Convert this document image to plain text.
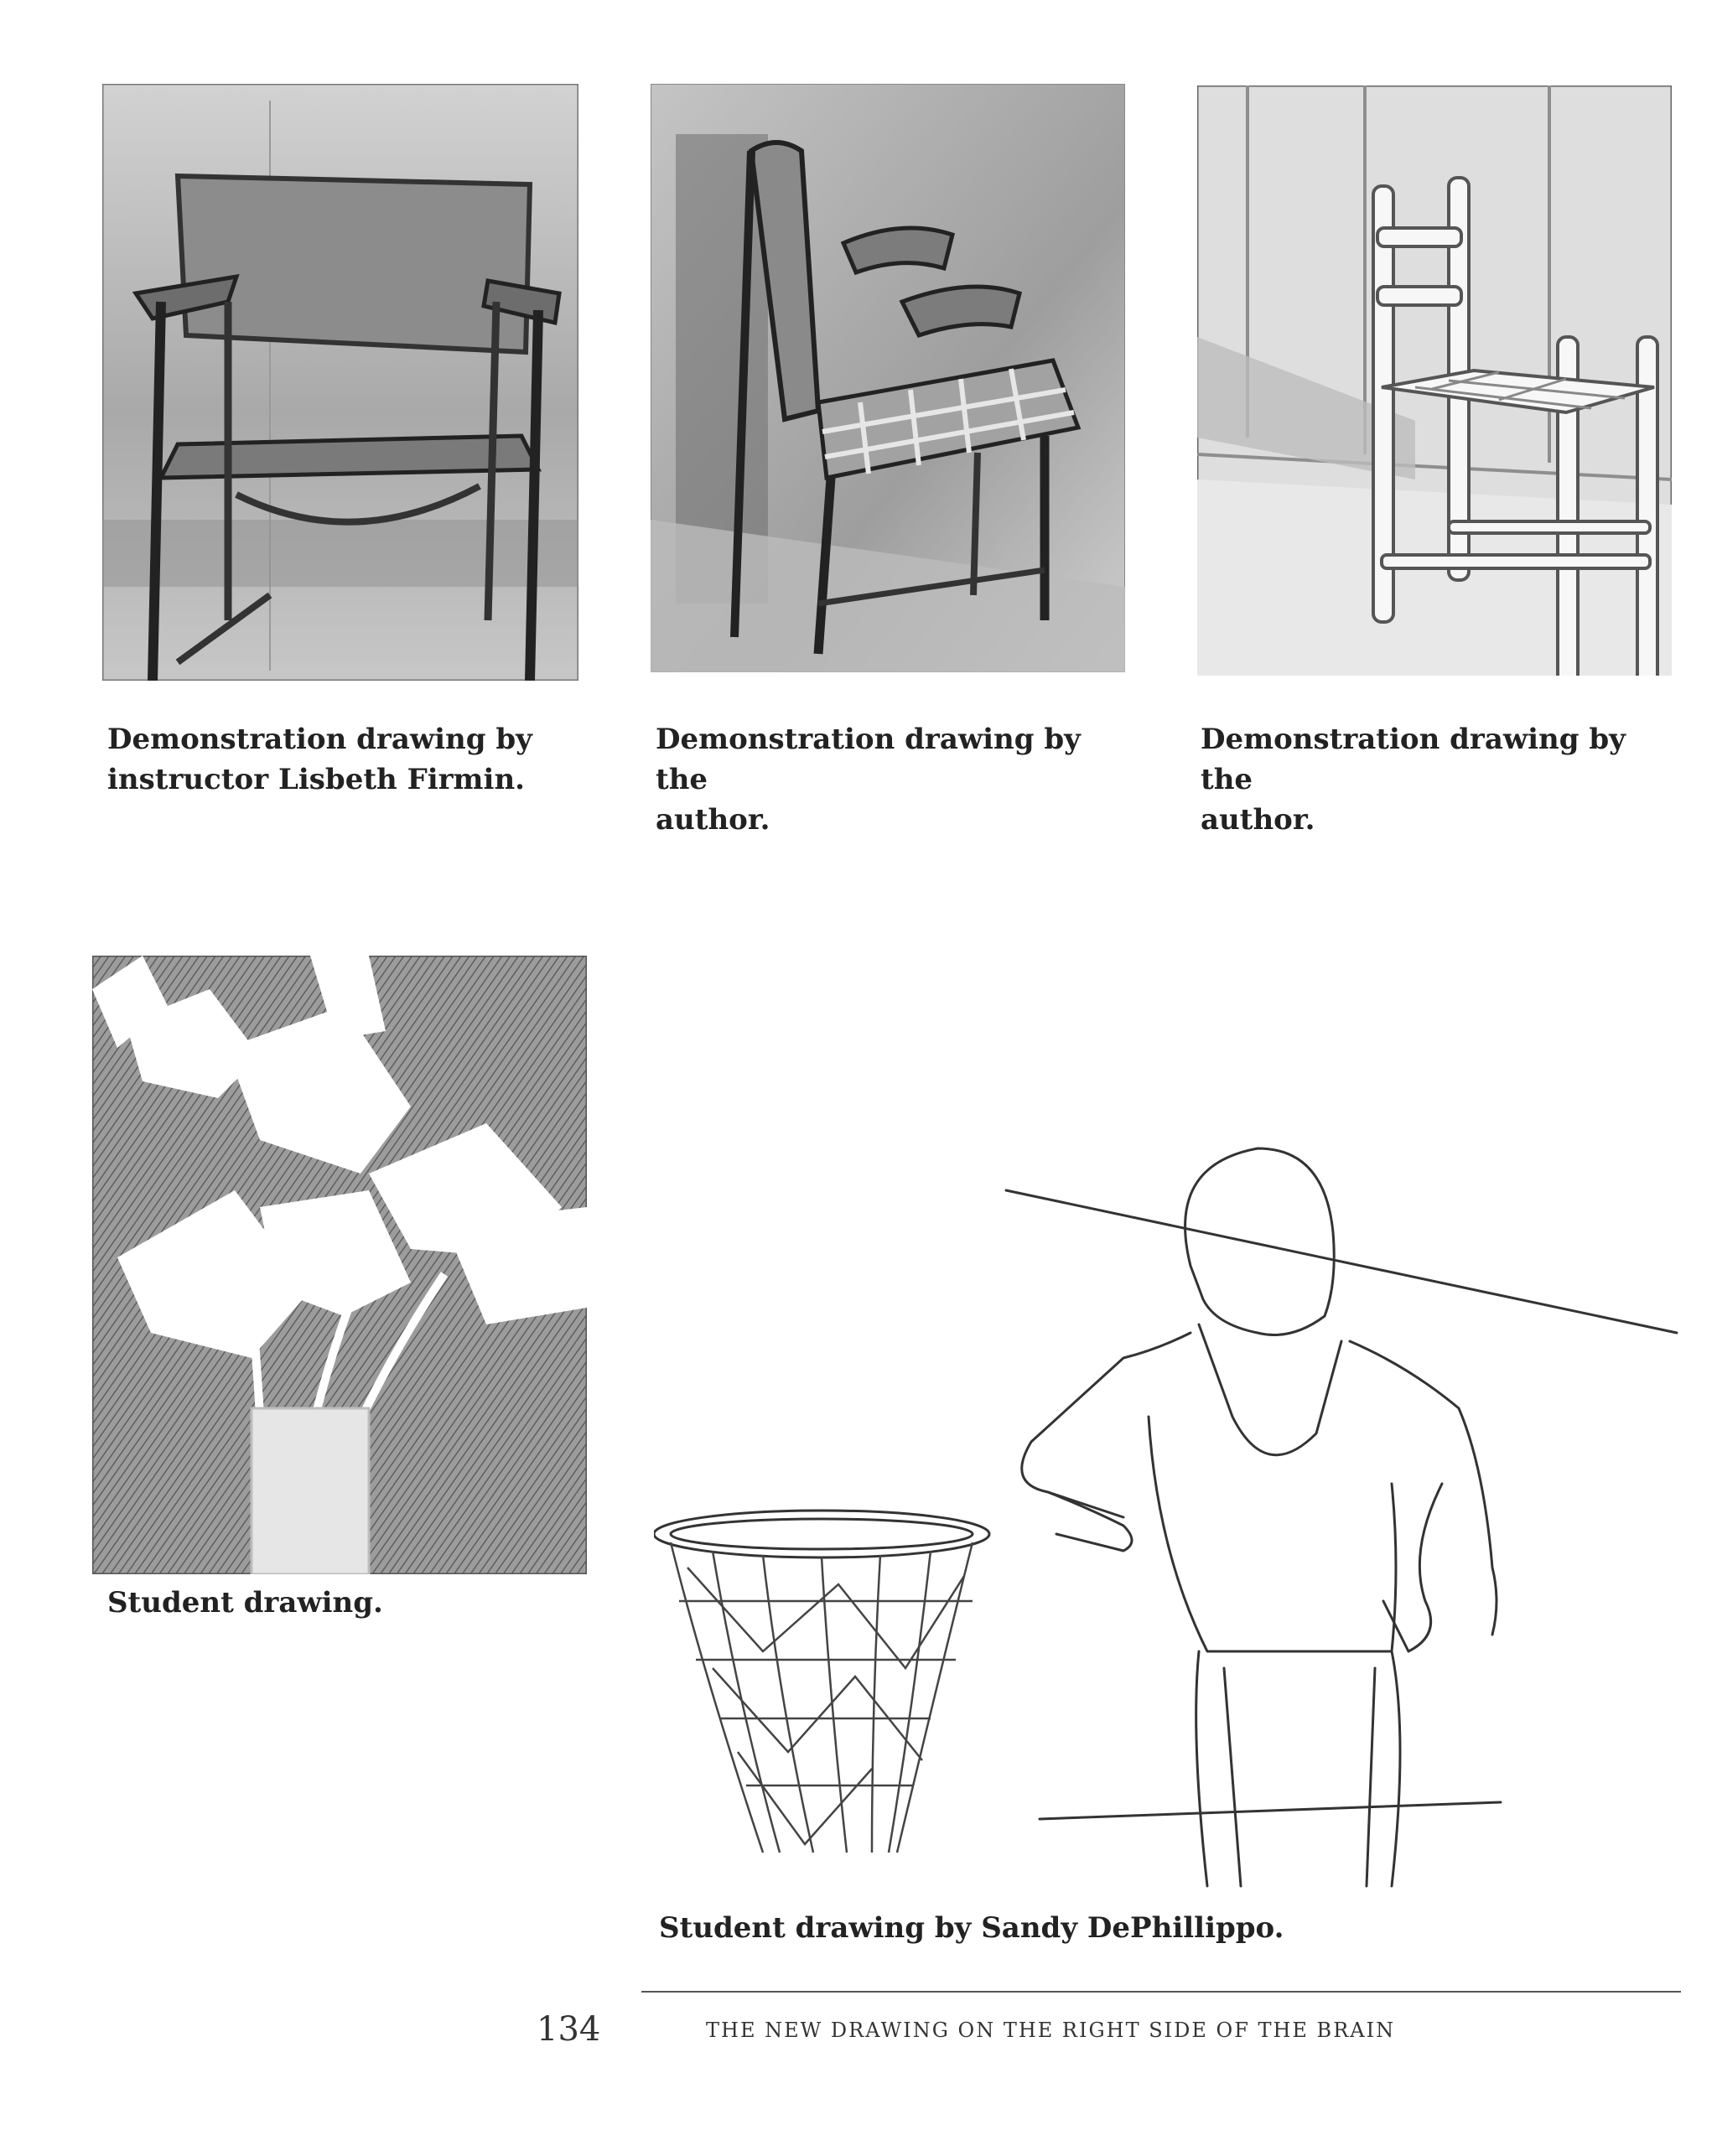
Demonstration drawing by
instructor Lisbeth Firmin.
Demonstration drawing by the
author.
Demonstration drawing by the
author.
Student drawing.
Student drawing by Sandy DePhillippo.
134	THE NEW DRAWING ON THE RIGHT SIDE OF THE BRAIN
